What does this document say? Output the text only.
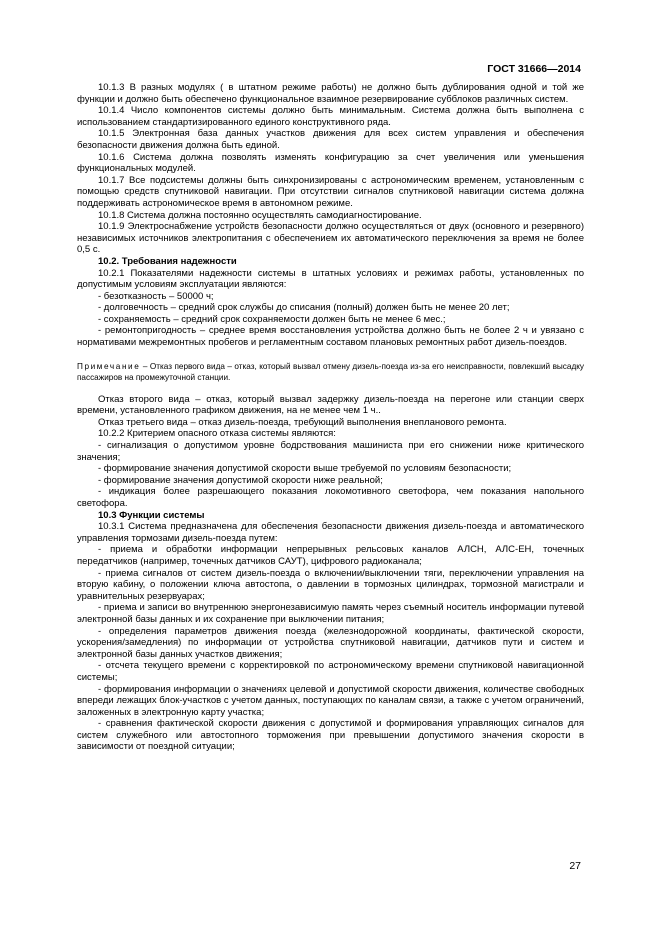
ГОСТ 31666—2014

10.1.3 В разных модулях ( в штатном режиме работы) не должно быть дублирования одной и той же функции и должно быть обеспечено функциональное взаимное резервирование субблоков различных систем.

10.1.4 Число компонентов системы должно быть минимальным. Система должна быть выполнена с использованием стандартизированного единого конструктивного ряда.

10.1.5 Электронная база данных участков движения для всех систем управления и обеспечения безопасности движения должна быть единой.

10.1.6 Система должна позволять изменять конфигурацию за счет увеличения или уменьшения функциональных модулей.

10.1.7 Все подсистемы должны быть синхронизированы с астрономическим временем, установленным с помощью средств спутниковой навигации. При отсутствии сигналов спутниковой навигации система должна поддерживать астрономическое время в автономном режиме.

10.1.8 Система должна постоянно осуществлять самодиагностирование.

10.1.9 Электроснабжение устройств безопасности должно осуществляться от двух (основного и резервного) независимых источников электропитания с обеспечением их автоматического переключения за время не более 0,5 с.

10.2. Требования надежности

10.2.1 Показателями надежности системы в штатных условиях и режимах работы, установленных по допустимым условиям эксплуатации являются:

- безотказность – 50000 ч;

- долговечность – средний срок службы до списания (полный) должен быть не менее 20 лет;

- сохраняемость – средний срок сохраняемости должен быть не менее 6 мес.;

- ремонтопригодность – среднее время восстановления устройства должно быть не более 2 ч и увязано с нормативами межремонтных пробегов и регламентным составом плановых ремонтных работ дизель-поездов.

Примечание – Отказ первого вида – отказ, который вызвал отмену дизель-поезда из-за его неисправности, повлекший высадку пассажиров на промежуточной станции.

Отказ второго вида – отказ, который вызвал задержку дизель-поезда на перегоне или станции сверх времени, установленного графиком движения, на не менее чем 1 ч..

Отказ третьего вида – отказ дизель-поезда, требующий выполнения внепланового ремонта.

10.2.2 Критерием опасного отказа системы являются:

- сигнализация о допустимом уровне бодрствования машиниста при его снижении ниже критического значения;

- формирование значения допустимой скорости выше требуемой по условиям безопасности;

- формирование значения допустимой скорости ниже реальной;

- индикация более разрешающего показания локомотивного светофора, чем показания напольного светофора.

10.3 Функции системы

10.3.1 Система предназначена для обеспечения безопасности движения дизель-поезда и автоматического управления тормозами дизель-поезда путем:

- приема и обработки информации непрерывных рельсовых каналов АЛСН, АЛС-ЕН, точечных передатчиков (например, точечных датчиков САУТ), цифрового радиоканала;

- приема сигналов от систем дизель-поезда о включении/выключении тяги, переключении управления на вторую кабину, о положении ключа автостопа, о давлении в тормозных цилиндрах, тормозной магистрали и уравнительных резервуарах;

- приема и записи во внутреннюю энергонезависимую память через съемный носитель информации путевой электронной базы данных и их сохранение при выключении питания;

- определения параметров движения поезда (железнодорожной координаты, фактической скорости, ускорения/замедления) по информации от устройства спутниковой навигации, датчиков пути и систем и электронной базы данных участков движения;

- отсчета текущего времени с корректировкой по астрономическому времени спутниковой навигационной системы;

- формирования информации о значениях целевой и допустимой скорости движения, количестве свободных впереди лежащих блок-участков с учетом данных, поступающих по каналам связи, а также с учетом ограничений, заложенных в электронную карту участка;

- сравнения фактической скорости движения с допустимой и формирования управляющих сигналов для систем служебного или автостопного торможения при превышении допустимого значения скорости в зависимости от поездной ситуации;

27
